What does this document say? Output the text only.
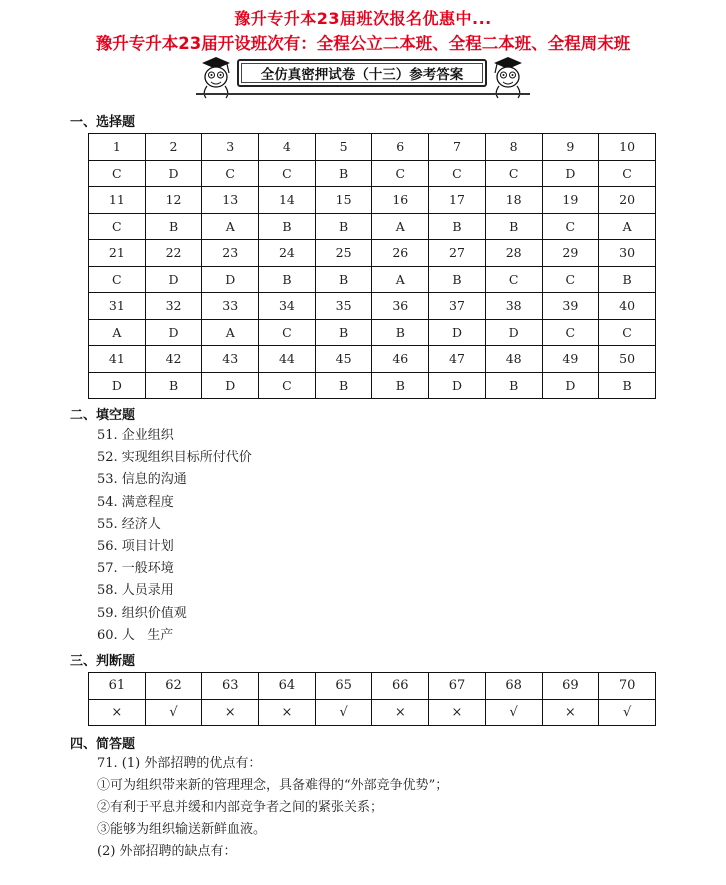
豫升专升本23届班次报名优惠中...
豫升专升本23届开设班次有：全程公立二本班、全程二本班、全程周末班
全仿真密押试卷（十三）参考答案
一、选择题
1	2	3	4	5	6	7	8	9	10
C	D	C	C	B	C	C	C	D	C
11	12	13	14	15	16	17	18	19	20
C	B	A	B	B	A	B	B	C	A
21	22	23	24	25	26	27	28	29	30
C	D	D	B	B	A	B	C	C	B
31	32	33	34	35	36	37	38	39	40
A	D	A	C	B	B	D	D	C	C
41	42	43	44	45	46	47	48	49	50
D	B	D	C	B	B	D	B	D	B
二、填空题
51. 企业组织
52. 实现组织目标所付代价
53. 信息的沟通
54. 满意程度
55. 经济人
56. 项目计划
57. 一般环境
58. 人员录用
59. 组织价值观
60. 人   生产
三、判断题
61	62	63	64	65	66	67	68	69	70
×	√	×	×	√	×	×	√	×	√
四、简答题
71. (1) 外部招聘的优点有：
①可为组织带来新的管理理念，具备难得的“外部竞争优势”；
②有利于平息并缓和内部竞争者之间的紧张关系；
③能够为组织输送新鲜血液。
(2) 外部招聘的缺点有：
